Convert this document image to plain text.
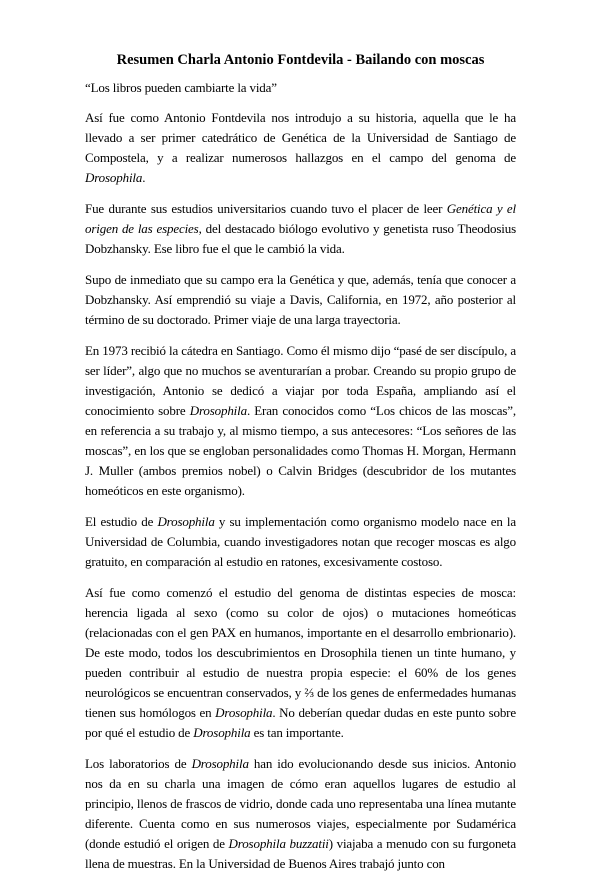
Resumen Charla Antonio Fontdevila - Bailando con moscas

“Los libros pueden cambiarte la vida”

Así fue como Antonio Fontdevila nos introdujo a su historia, aquella que le ha llevado a ser primer catedrático de Genética de la Universidad de Santiago de Compostela, y a realizar numerosos hallazgos en el campo del genoma de Drosophila.

Fue durante sus estudios universitarios cuando tuvo el placer de leer Genética y el origen de las especies, del destacado biólogo evolutivo y genetista ruso Theodosius Dobzhansky. Ese libro fue el que le cambió la vida.

Supo de inmediato que su campo era la Genética y que, además, tenía que conocer a Dobzhansky. Así emprendió su viaje a Davis, California, en 1972, año posterior al término de su doctorado. Primer viaje de una larga trayectoria.

En 1973 recibió la cátedra en Santiago. Como él mismo dijo “pasé de ser discípulo, a ser líder”, algo que no muchos se aventurarían a probar. Creando su propio grupo de investigación, Antonio se dedicó a viajar por toda España, ampliando así el conocimiento sobre Drosophila. Eran conocidos como “Los chicos de las moscas”, en referencia a su trabajo y, al mismo tiempo, a sus antecesores: “Los señores de las moscas”, en los que se engloban personalidades como Thomas H. Morgan, Hermann J. Muller (ambos premios nobel) o Calvin Bridges (descubridor de los mutantes homeóticos en este organismo).

El estudio de Drosophila y su implementación como organismo modelo nace en la Universidad de Columbia, cuando investigadores notan que recoger moscas es algo gratuito, en comparación al estudio en ratones, excesivamente costoso.

Así fue como comenzó el estudio del genoma de distintas especies de mosca: herencia ligada al sexo (como su color de ojos) o mutaciones homeóticas (relacionadas con el gen PAX en humanos, importante en el desarrollo embrionario). De este modo, todos los descubrimientos en Drosophila tienen un tinte humano, y pueden contribuir al estudio de nuestra propia especie: el 60% de los genes neurológicos se encuentran conservados, y ⅔ de los genes de enfermedades humanas tienen sus homólogos en Drosophila. No deberían quedar dudas en este punto sobre por qué el estudio de Drosophila es tan importante.

Los laboratorios de Drosophila han ido evolucionando desde sus inicios. Antonio nos da en su charla una imagen de cómo eran aquellos lugares de estudio al principio, llenos de frascos de vidrio, donde cada uno representaba una línea mutante diferente. Cuenta como en sus numerosos viajes, especialmente por Sudamérica (donde estudió el origen de Drosophila buzzatii) viajaba a menudo con su furgoneta llena de muestras. En la Universidad de Buenos Aires trabajó junto con
